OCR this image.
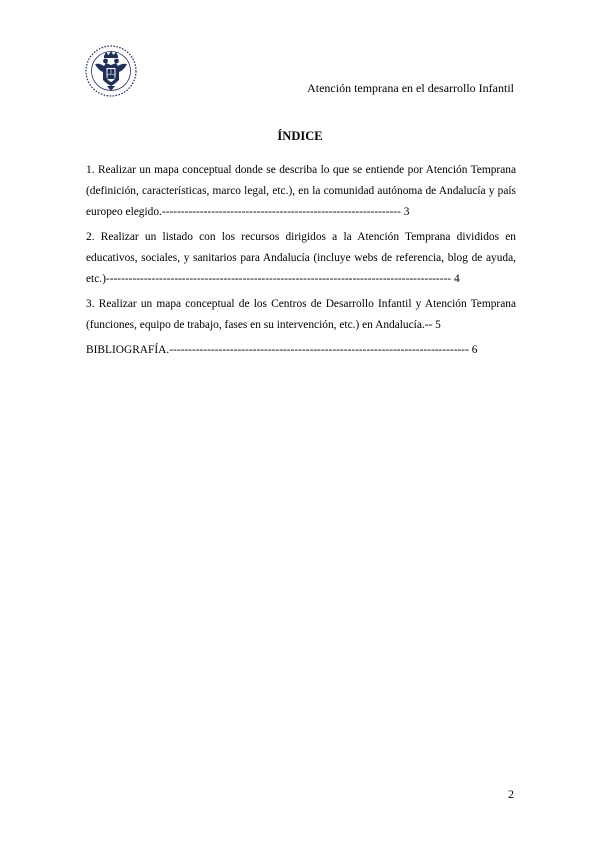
Atención temprana en el desarrollo Infantil
ÍNDICE

1. Realizar un mapa conceptual donde se describa lo que se entiende por Atención Temprana (definición, características, marco legal, etc.), en la comunidad autónoma de Andalucía y país europeo elegido.--------------------------------------------------------------- 3

2. Realizar un listado con los recursos dirigidos a la Atención Temprana divididos en educativos, sociales, y sanitarios para Andalucía (incluye webs de referencia, blog de ayuda, etc.)------------------------------------------------------------------------------------------- 4

3. Realizar un mapa conceptual de los Centros de Desarrollo Infantil y Atención Temprana (funciones, equipo de trabajo, fases en su intervención, etc.) en Andalucía.-- 5

BIBLIOGRAFÍA.------------------------------------------------------------------------------- 6

2
